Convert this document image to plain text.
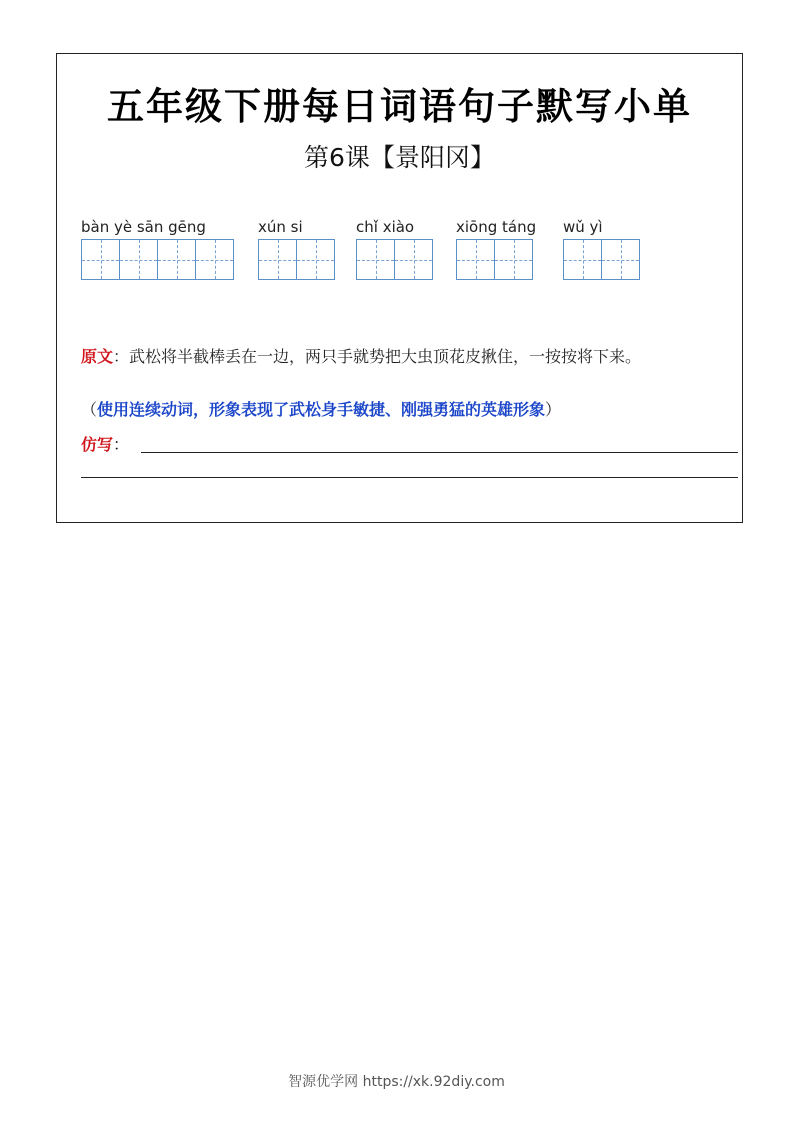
五年级下册每日词语句子默写小单
第6课【景阳冈】
bàn yè sān gēng	xún si	chǐ xiào	xiōng táng wǔ yì
原文：武松将半截棒丢在一边，两只手就势把大虫顶花皮揪住，一按按将下来。
（使用连续动词，形象表现了武松身手敏捷、刚强勇猛的英雄形象）
仿写：
智源优学网 https://xk.92diy.com
